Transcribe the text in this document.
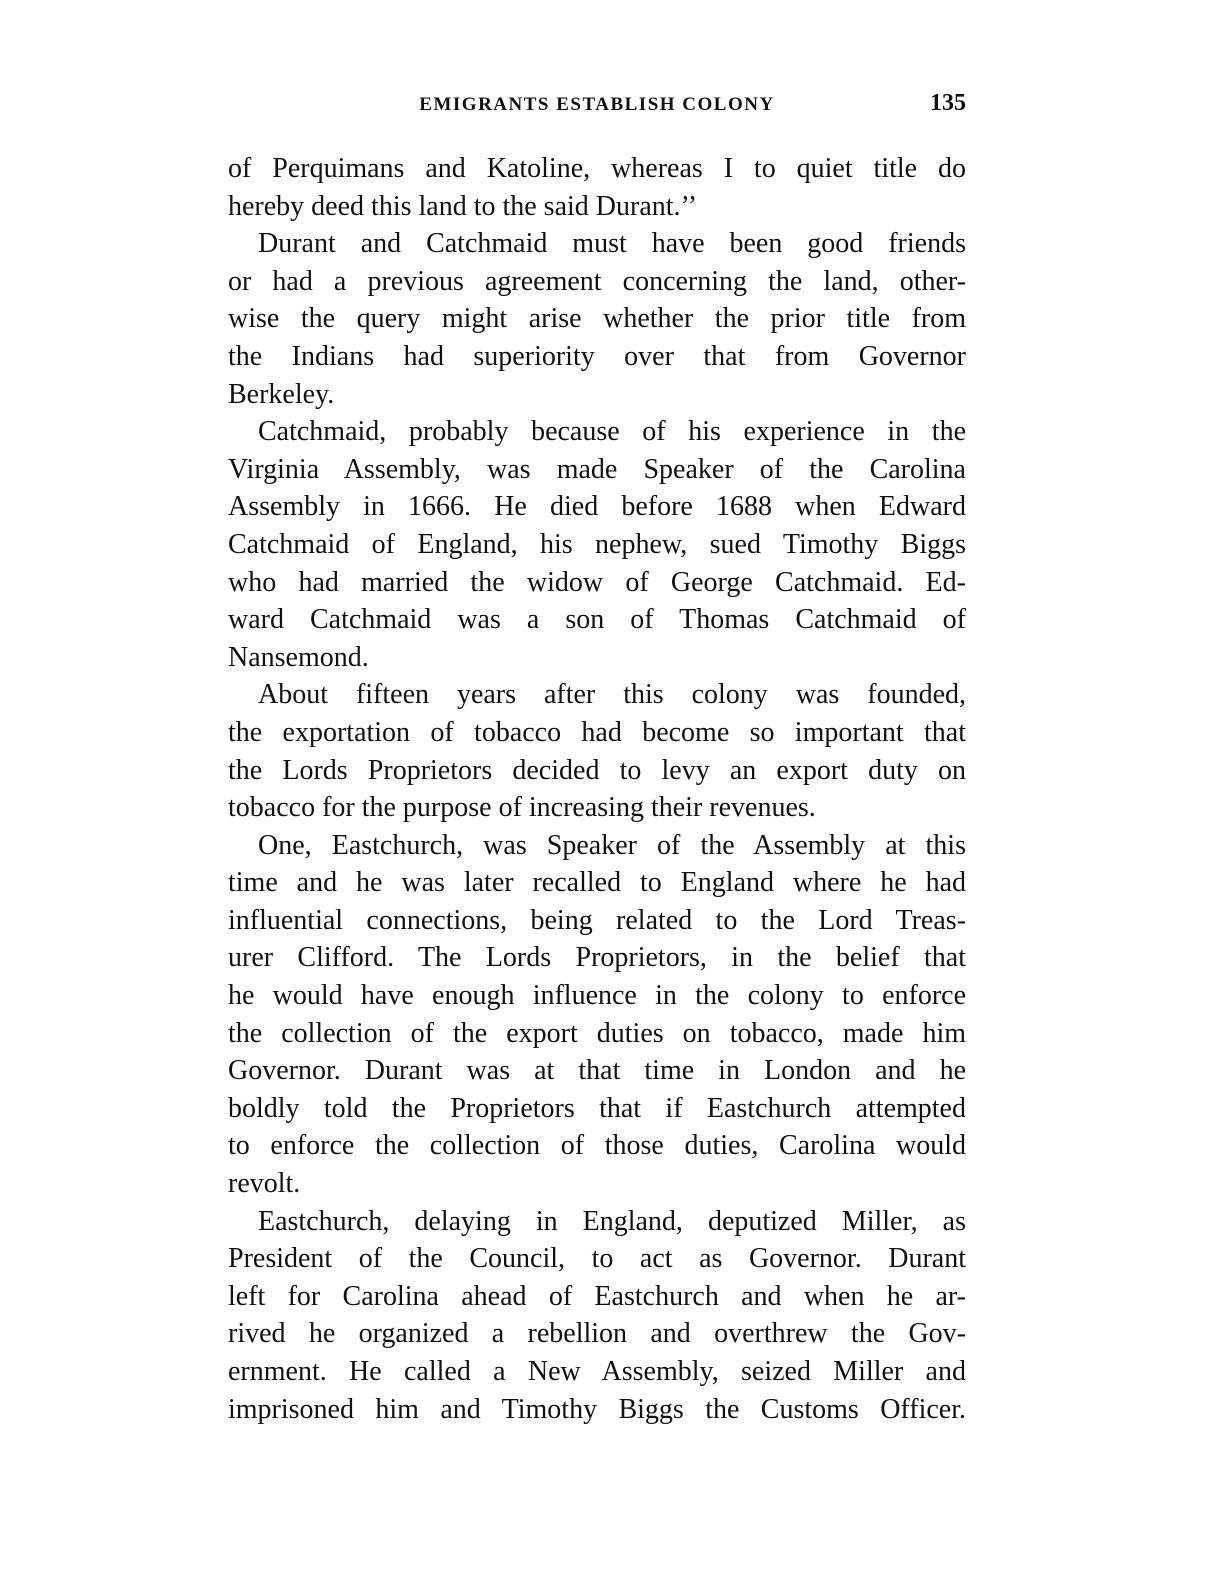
EMIGRANTS ESTABLISH COLONY	135
of Perquimans and Katoline, whereas I to quiet title do
hereby deed this land to the said Durant.’’
Durant and Catchmaid must have been good friends
or had a previous agreement concerning the land, other-
wise the query might arise whether the prior title from
the Indians had superiority over that from Governor
Berkeley.
Catchmaid, probably because of his experience in the
Virginia Assembly, was made Speaker of the Carolina
Assembly in 1666. He died before 1688 when Edward
Catchmaid of England, his nephew, sued Timothy Biggs
who had married the widow of George Catchmaid. Ed-
ward Catchmaid was a son of Thomas Catchmaid of
Nansemond.
About fifteen years after this colony was founded,
the exportation of tobacco had become so important that
the Lords Proprietors decided to levy an export duty on
tobacco for the purpose of increasing their revenues.
One, Eastchurch, was Speaker of the Assembly at this
time and he was later recalled to England where he had
influential connections, being related to the Lord Treas-
urer Clifford. The Lords Proprietors, in the belief that
he would have enough influence in the colony to enforce
the collection of the export duties on tobacco, made him
Governor. Durant was at that time in London and he
boldly told the Proprietors that if Eastchurch attempted
to enforce the collection of those duties, Carolina would
revolt.
Eastchurch, delaying in England, deputized Miller, as
President of the Council, to act as Governor. Durant
left for Carolina ahead of Eastchurch and when he ar-
rived he organized a rebellion and overthrew the Gov-
ernment. He called a New Assembly, seized Miller and
imprisoned him and Timothy Biggs the Customs Officer.
